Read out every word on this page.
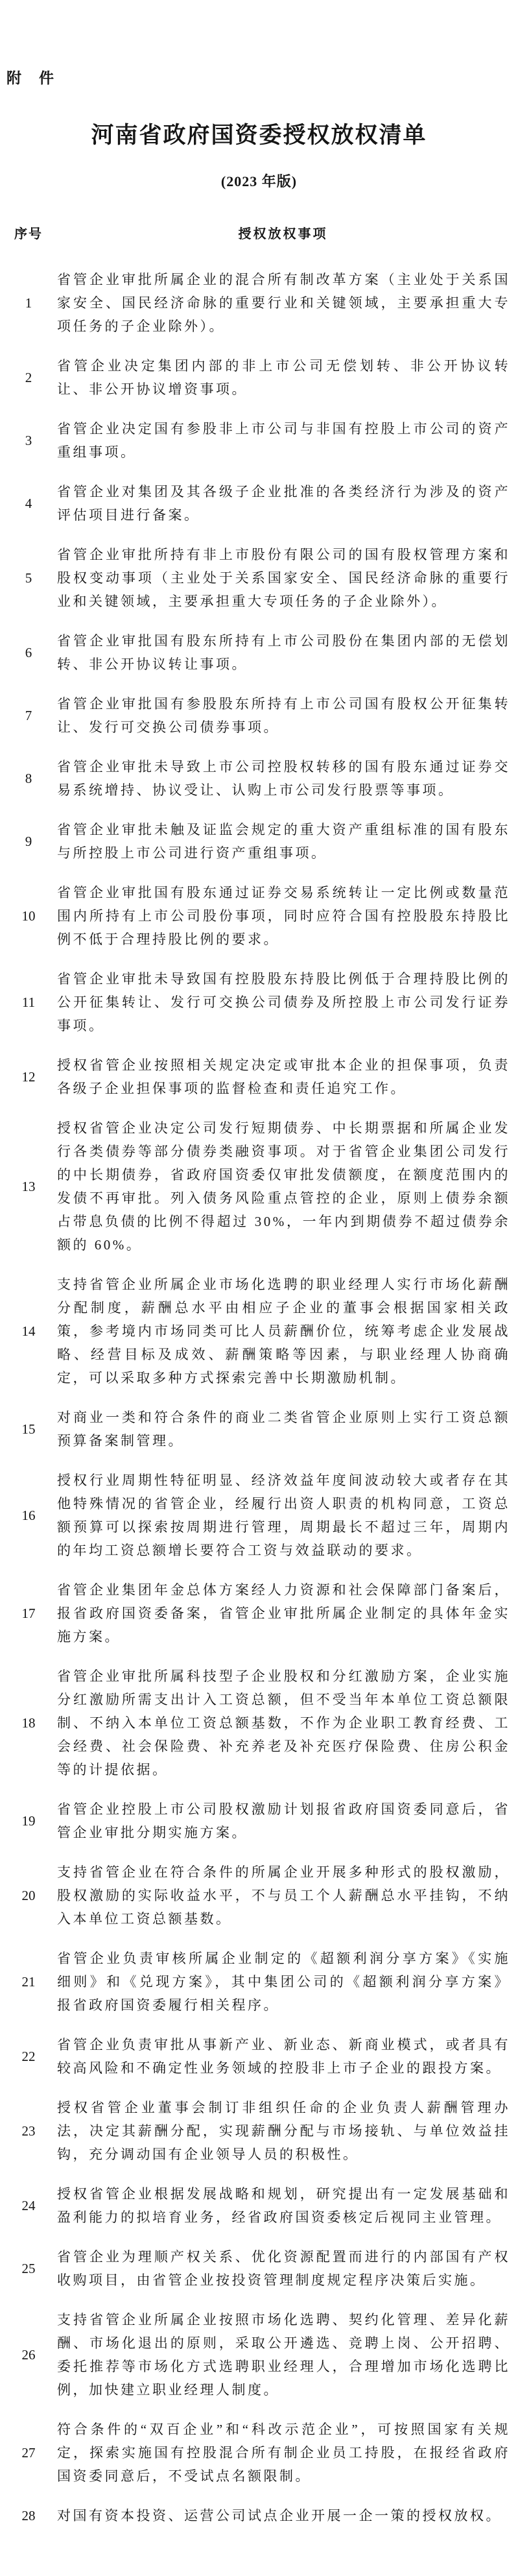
附　件
河南省政府国资委授权放权清单
(2023 年版)
序号	授权放权事项
1
省管企业审批所属企业的混合所有制改革方案（主业处于关系国家安全、国民经济命脉的重要行业和关键领域，主要承担重大专项任务的子企业除外）。
2
省管企业决定集团内部的非上市公司无偿划转、非公开协议转让、非公开协议增资事项。
3
省管企业决定国有参股非上市公司与非国有控股上市公司的资产重组事项。
4
省管企业对集团及其各级子企业批准的各类经济行为涉及的资产评估项目进行备案。
5
省管企业审批所持有非上市股份有限公司的国有股权管理方案和股权变动事项（主业处于关系国家安全、国民经济命脉的重要行业和关键领域，主要承担重大专项任务的子企业除外）。
6
省管企业审批国有股东所持有上市公司股份在集团内部的无偿划转、非公开协议转让事项。
7
省管企业审批国有参股股东所持有上市公司国有股权公开征集转让、发行可交换公司债券事项。
8
省管企业审批未导致上市公司控股权转移的国有股东通过证券交易系统增持、协议受让、认购上市公司发行股票等事项。
9
省管企业审批未触及证监会规定的重大资产重组标准的国有股东与所控股上市公司进行资产重组事项。
10
省管企业审批国有股东通过证券交易系统转让一定比例或数量范围内所持有上市公司股份事项，同时应符合国有控股股东持股比例不低于合理持股比例的要求。
11
省管企业审批未导致国有控股股东持股比例低于合理持股比例的公开征集转让、发行可交换公司债券及所控股上市公司发行证券事项。
12
授权省管企业按照相关规定决定或审批本企业的担保事项，负责各级子企业担保事项的监督检查和责任追究工作。
13
授权省管企业决定公司发行短期债券、中长期票据和所属企业发行各类债券等部分债券类融资事项。对于省管企业集团公司发行的中长期债券，省政府国资委仅审批发债额度，在额度范围内的发债不再审批。列入债务风险重点管控的企业，原则上债券余额占带息负债的比例不得超过 30%，一年内到期债券不超过债券余额的 60%。
14
支持省管企业所属企业市场化选聘的职业经理人实行市场化薪酬分配制度，薪酬总水平由相应子企业的董事会根据国家相关政策，参考境内市场同类可比人员薪酬价位，统筹考虑企业发展战略、经营目标及成效、薪酬策略等因素，与职业经理人协商确定，可以采取多种方式探索完善中长期激励机制。
15
对商业一类和符合条件的商业二类省管企业原则上实行工资总额预算备案制管理。
16
授权行业周期性特征明显、经济效益年度间波动较大或者存在其他特殊情况的省管企业，经履行出资人职责的机构同意，工资总额预算可以探索按周期进行管理，周期最长不超过三年，周期内的年均工资总额增长要符合工资与效益联动的要求。
17
省管企业集团年金总体方案经人力资源和社会保障部门备案后，报省政府国资委备案，省管企业审批所属企业制定的具体年金实施方案。
18
省管企业审批所属科技型子企业股权和分红激励方案，企业实施分红激励所需支出计入工资总额，但不受当年本单位工资总额限制、不纳入本单位工资总额基数，不作为企业职工教育经费、工会经费、社会保险费、补充养老及补充医疗保险费、住房公积金等的计提依据。
19
省管企业控股上市公司股权激励计划报省政府国资委同意后，省管企业审批分期实施方案。
20
支持省管企业在符合条件的所属企业开展多种形式的股权激励，股权激励的实际收益水平，不与员工个人薪酬总水平挂钩，不纳入本单位工资总额基数。
21
省管企业负责审核所属企业制定的《超额利润分享方案》《实施细则》和《兑现方案》，其中集团公司的《超额利润分享方案》报省政府国资委履行相关程序。
22
省管企业负责审批从事新产业、新业态、新商业模式，或者具有较高风险和不确定性业务领域的控股非上市子企业的跟投方案。
23
授权省管企业董事会制订非组织任命的企业负责人薪酬管理办法，决定其薪酬分配，实现薪酬分配与市场接轨、与单位效益挂钩，充分调动国有企业领导人员的积极性。
24
授权省管企业根据发展战略和规划，研究提出有一定发展基础和盈利能力的拟培育业务，经省政府国资委核定后视同主业管理。
25
省管企业为理顺产权关系、优化资源配置而进行的内部国有产权收购项目，由省管企业按投资管理制度规定程序决策后实施。
26
支持省管企业所属企业按照市场化选聘、契约化管理、差异化薪酬、市场化退出的原则，采取公开遴选、竞聘上岗、公开招聘、委托推荐等市场化方式选聘职业经理人，合理增加市场化选聘比例，加快建立职业经理人制度。
27
符合条件的“双百企业”和“科改示范企业”，可按照国家有关规定，探索实施国有控股混合所有制企业员工持股，在报经省政府国资委同意后，不受试点名额限制。
28	对国有资本投资、运营公司试点企业开展一企一策的授权放权。
